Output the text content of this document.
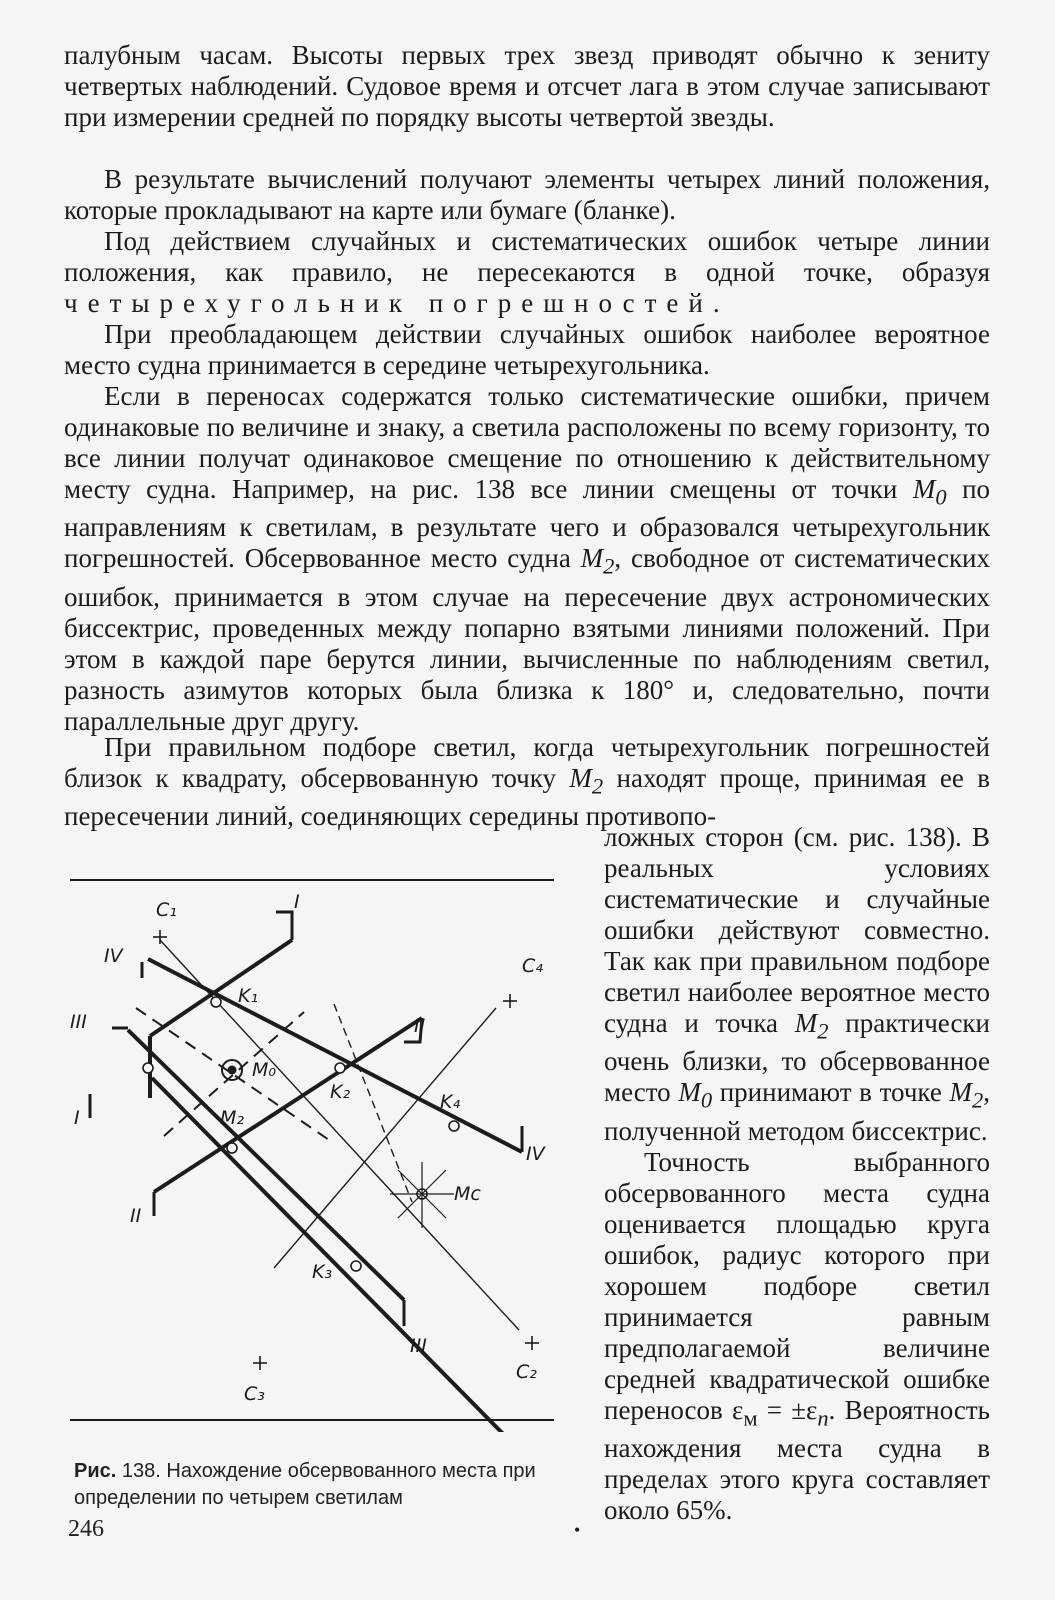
палубным часам. Высоты первых трех звезд приводят обычно к зениту четвертых наблюдений. Судовое время и отсчет лага в этом случае записывают при измерении средней по порядку высоты четвертой звезды.

В результате вычислений получают элементы четырех линий положения, которые прокладывают на карте или бумаге (бланке).

Под действием случайных и систематических ошибок четыре линии положения, как правило, не пересекаются в одной точке, образуя четырехугольник погрешностей.

При преобладающем действии случайных ошибок наиболее вероятное место судна принимается в середине четырехугольника.

Если в переносах содержатся только систематические ошибки, причем одинаковые по величине и знаку, а светила расположены по всему горизонту, то все линии получат одинаковое смещение по отношению к действительному месту судна. Например, на рис. 138 все линии смещены от точки $M_0$ по направлениям к светилам, в результате чего и образовался четырехугольник погрешностей. Обсервованное место судна $M_2$, свободное от систематических ошибок, принимается в этом случае на пересечение двух астрономических биссектрис, проведенных между попарно взятыми линиями положений. При этом в каждой паре берутся линии, вычисленные по наблюдениям светил, разность азимутов которых была близка к 180° и, следовательно, почти параллельные друг другу.

При правильном подборе светил, когда четырехугольник погрешностей близок к квадрату, обсервованную точку $M_2$ находят проще, принимая ее в пересечении линий, соединяющих середины противопо-

ложных сторон (см. рис. 138). В реальных условиях систематические и случайные ошибки действуют совместно. Так как при правильном подборе светил наиболее вероятное место судна и точка $M_2$ практически очень близки, то обсервованное место $M_0$ принимают в точке $M_2$, полученной методом биссектрис.
Точность выбранного обсервованного места судна оценивается площадью круга ошибок, радиус которого при хорошем подборе светил принимается равным предполагаемой величине средней квадратической ошибке переносов $\varepsilon_м = \pm\varepsilon_n$. Вероятность нахождения места судна в пределах этого круга составляет около 65%.

C₁
C₄
C₂
C₃
K₁
K₂
K₃
K₄
M₀
M₂
Mc
I
I
II
II
III
III
IV
IV
Рис. 138. Нахождение обсервованного места при определении по четырем светилам
246	•
